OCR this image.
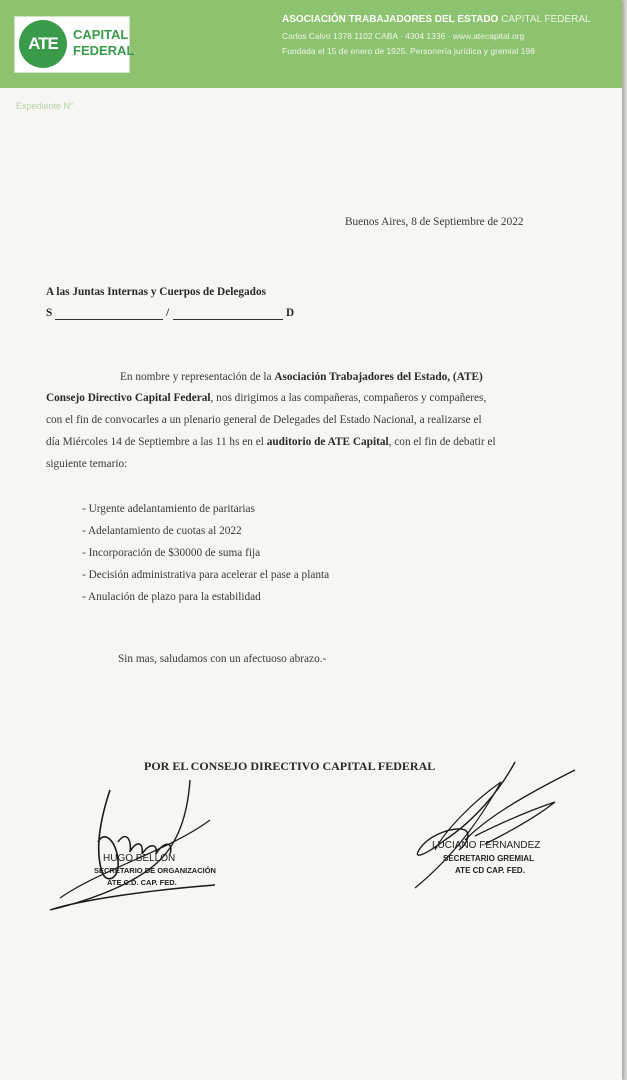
ATE	CAPITAL
FEDERAL
ASOCIACIÓN TRABAJADORES DEL ESTADO CAPITAL FEDERAL
Carlos Calvo 1378 1102 CABA · 4304 1336 · www.atecapital.org
Fundada el 15 de enero de 1925. Personería jurídica y gremial 198
Expediente N°
Buenos Aires, 8 de Septiembre de 2022
A las Juntas Internas y Cuerpos de Delegados
S	/	D
En nombre y representación de la Asociación Trabajadores del Estado, (ATE)
Consejo Directivo Capital Federal, nos dirigimos a las compañeras, compañeros y compañeres,
con el fin de convocarles a un plenario general de Delegades del Estado Nacional, a realizarse el
día Miércoles 14 de Septiembre a las 11 hs en el auditorio de ATE Capital, con el fin de debatir el
siguiente temario:
- Urgente adelantamiento de paritarias
- Adelantamiento de cuotas al 2022
- Incorporación de $30000 de suma fija
- Decisión administrativa para acelerar el pase a planta
- Anulación de plazo para la estabilidad
Sin mas, saludamos con un afectuoso abrazo.-
POR EL CONSEJO DIRECTIVO CAPITAL FEDERAL
HUGO BELLON
SECRETARIO DE ORGANIZACIÓN
ATE C.D. CAP. FED.
LUCIANO FERNANDEZ
SECRETARIO GREMIAL
ATE CD CAP. FED.
